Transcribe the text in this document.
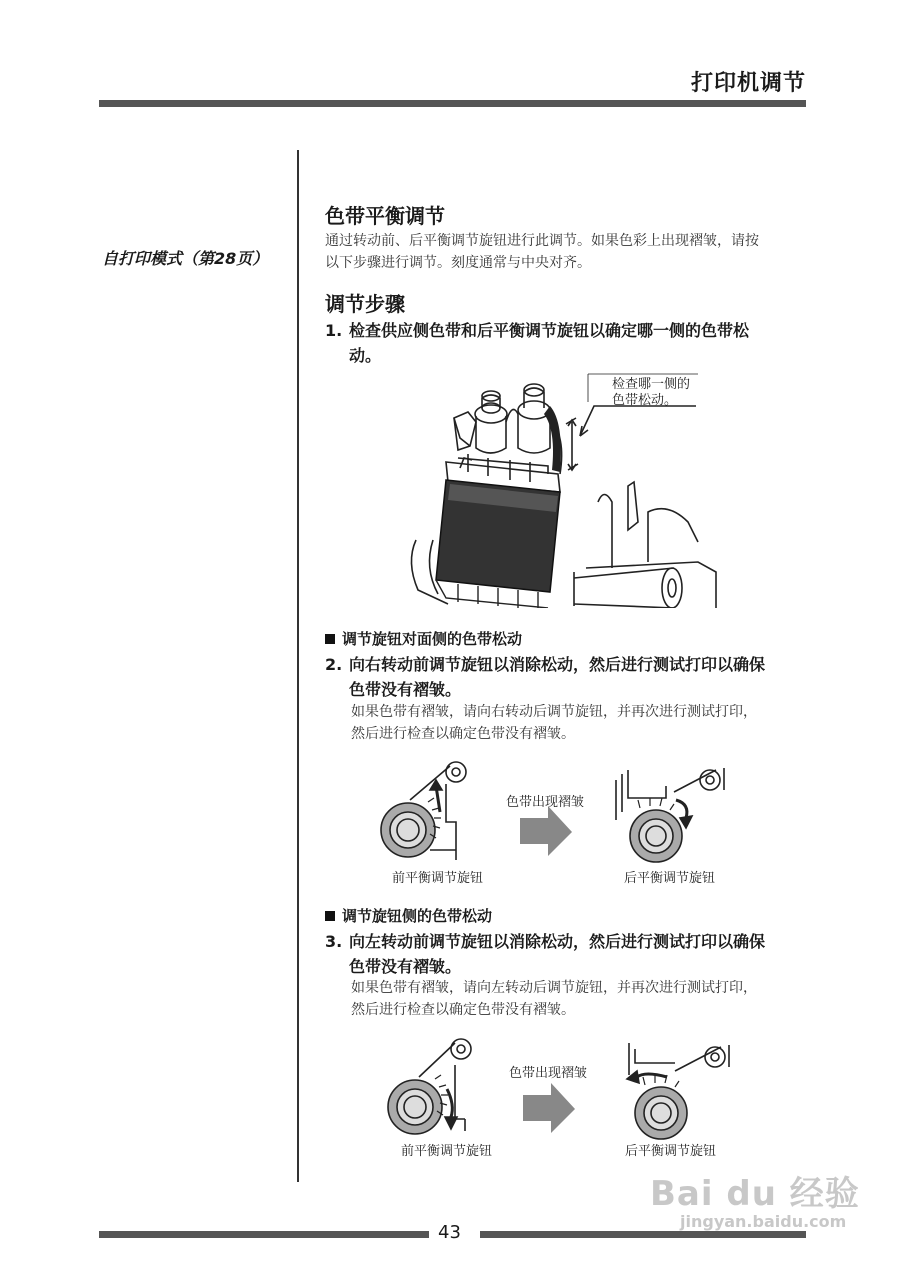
打印机调节
自打印模式（第28页）
色带平衡调节
通过转动前、后平衡调节旋钮进行此调节。如果色彩上出现褶皱，请按
以下步骤进行调节。刻度通常与中央对齐。
调节步骤
1. 检查供应侧色带和后平衡调节旋钮以确定哪一侧的色带松
动。
检查哪一侧的
色带松动。
调节旋钮对面侧的色带松动
2. 向右转动前调节旋钮以消除松动，然后进行测试打印以确保
色带没有褶皱。
如果色带有褶皱，请向右转动后调节旋钮，并再次进行测试打印，
然后进行检查以确定色带没有褶皱。
色带出现褶皱
前平衡调节旋钮	后平衡调节旋钮
调节旋钮侧的色带松动
3. 向左转动前调节旋钮以消除松动，然后进行测试打印以确保
色带没有褶皱。
如果色带有褶皱，请向左转动后调节旋钮，并再次进行测试打印，
然后进行检查以确定色带没有褶皱。
色带出现褶皱
前平衡调节旋钮	后平衡调节旋钮
43
Bai du 经验
jingyan.baidu.com
